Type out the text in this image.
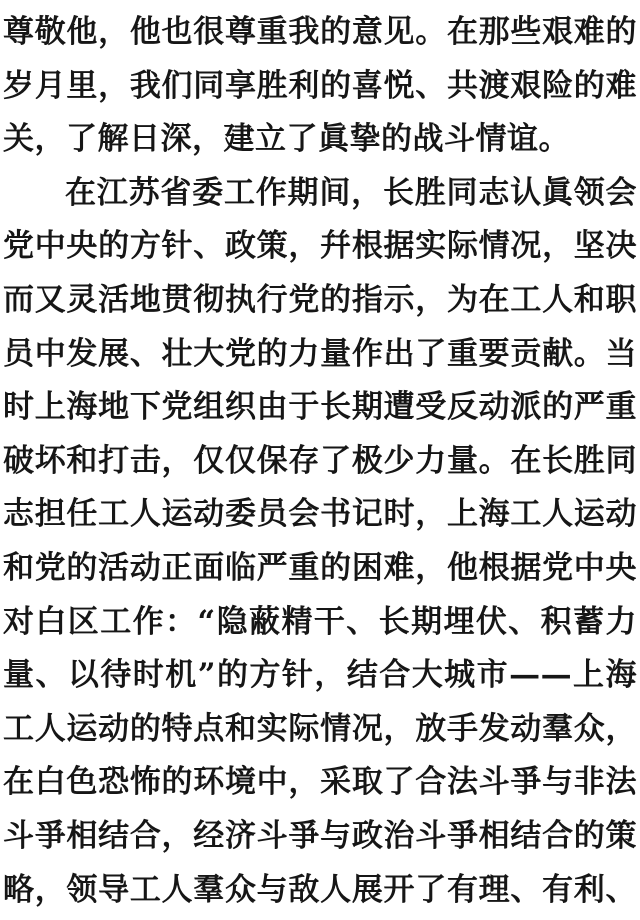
尊敬他，他也很尊重我的意见。在那些艰难的
岁月里，我们同享胜利的喜悦、共渡艰险的难
关，了解日深，建立了眞挚的战斗情谊。
在江苏省委工作期间，长胜同志认眞领会
党中央的方针、政策，幷根据实际情况，坚决
而又灵活地贯彻执行党的指示，为在工人和职
员中发展、壮大党的力量作出了重要贡献。当
时上海地下党组织由于长期遭受反动派的严重
破坏和打击，仅仅保存了极少力量。在长胜同
志担任工人运动委员会书记时，上海工人运动
和党的活动正面临严重的困难，他根据党中央
对白区工作：“隐蔽精干、长期埋伏、积蓄力
量、以待时机”的方针，结合大城市——上海
工人运动的特点和实际情况，放手发动羣众，
在白色恐怖的环境中，采取了合法斗爭与非法
斗爭相结合，经济斗爭与政治斗爭相结合的策
略，领导工人羣众与敌人展开了有理、有利、
